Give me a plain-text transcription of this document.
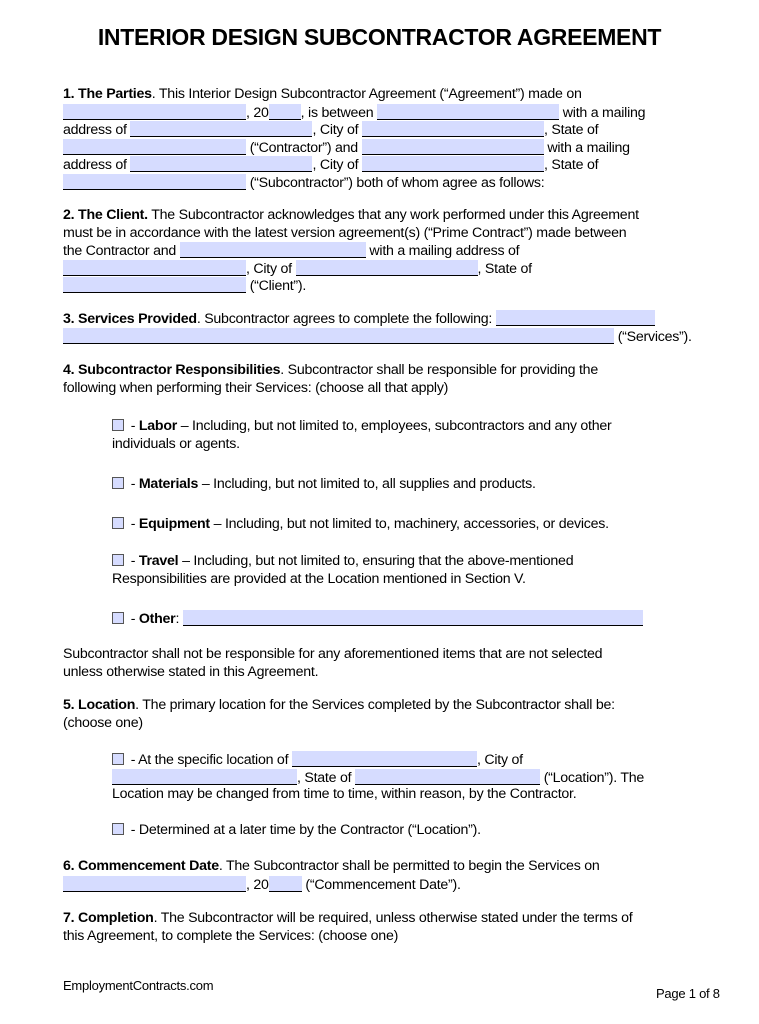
INTERIOR DESIGN SUBCONTRACTOR AGREEMENT
1. The Parties. This Interior Design Subcontractor Agreement (“Agreement”) made on
, 20 , is between	with a mailing
address of	, City of	, State of
(“Contractor”) and	with a mailing
address of	, City of	, State of
(“Subcontractor”) both of whom agree as follows:
2. The Client. The Subcontractor acknowledges that any work performed under this Agreement
must be in accordance with the latest version agreement(s) (“Prime Contract”) made between
the Contractor and	with a mailing address of
, City of	, State of
(“Client”).
3. Services Provided. Subcontractor agrees to complete the following:
(“Services”).
4. Subcontractor Responsibilities. Subcontractor shall be responsible for providing the
following when performing their Services: (choose all that apply)
- Labor – Including, but not limited to, employees, subcontractors and any other
individuals or agents.
- Materials – Including, but not limited to, all supplies and products.
- Equipment – Including, but not limited to, machinery, accessories, or devices.
- Travel – Including, but not limited to, ensuring that the above-mentioned
Responsibilities are provided at the Location mentioned in Section V.
- Other:
Subcontractor shall not be responsible for any aforementioned items that are not selected
unless otherwise stated in this Agreement.
5. Location. The primary location for the Services completed by the Subcontractor shall be:
(choose one)
- At the specific location of	, City of
, State of	(“Location”). The
Location may be changed from time to time, within reason, by the Contractor.
- Determined at a later time by the Contractor (“Location”).
6. Commencement Date. The Subcontractor shall be permitted to begin the Services on
, 20 (“Commencement Date”).
7. Completion. The Subcontractor will be required, unless otherwise stated under the terms of
this Agreement, to complete the Services: (choose one)
EmploymentContracts.com
Page 1 of 8
